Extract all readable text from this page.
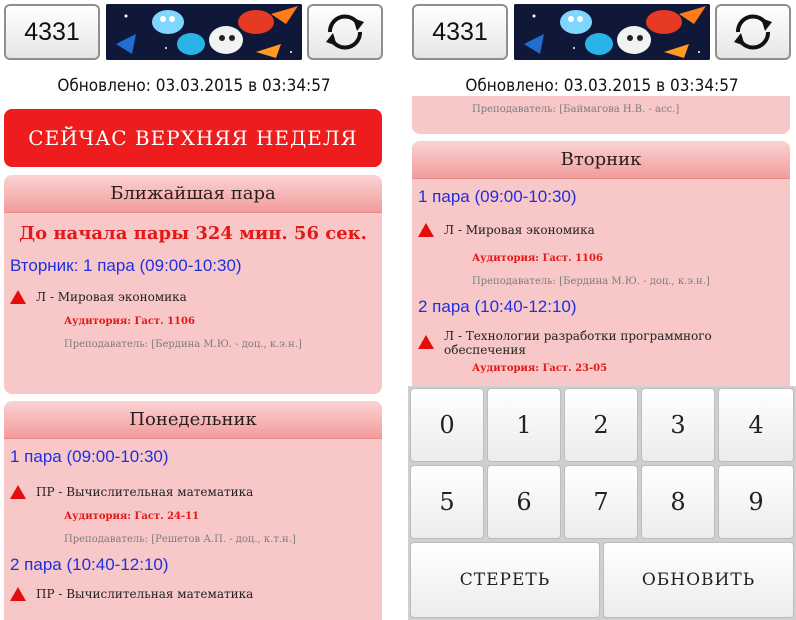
4331
Обновлено: 03.03.2015 в 03:34:57
СЕЙЧАС ВЕРХНЯЯ НЕДЕЛЯ
Ближайшая пара
До начала пары 324 мин. 56 сек.
Вторник: 1 пара (09:00-10:30)
Л - Мировая экономика
Аудитория: Гаст. 1106
Преподаватель: [Бердина М.Ю. - доц., к.э.н.]
Понедельник
1 пара (09:00-10:30)
ПР - Вычислительная математика
Аудитория: Гаст. 24-11
Преподаватель: [Решетов А.П. - доц., к.т.н.]
2 пара (10:40-12:10)
ПР - Вычислительная математика
4331
Обновлено: 03.03.2015 в 03:34:57
Преподаватель: [Баймагова Н.В. - асс.]
Вторник
1 пара (09:00-10:30)
Л - Мировая экономика
Аудитория: Гаст. 1106
Преподаватель: [Бердина М.Ю. - доц., к.э.н.]
2 пара (10:40-12:10)
Л - Технологии разработки программного обеспечения
Аудитория: Гаст. 23-05
0	1	2	3	4
5	6	7	8	9
СТЕРЕТЬ	ОБНОВИТЬ
